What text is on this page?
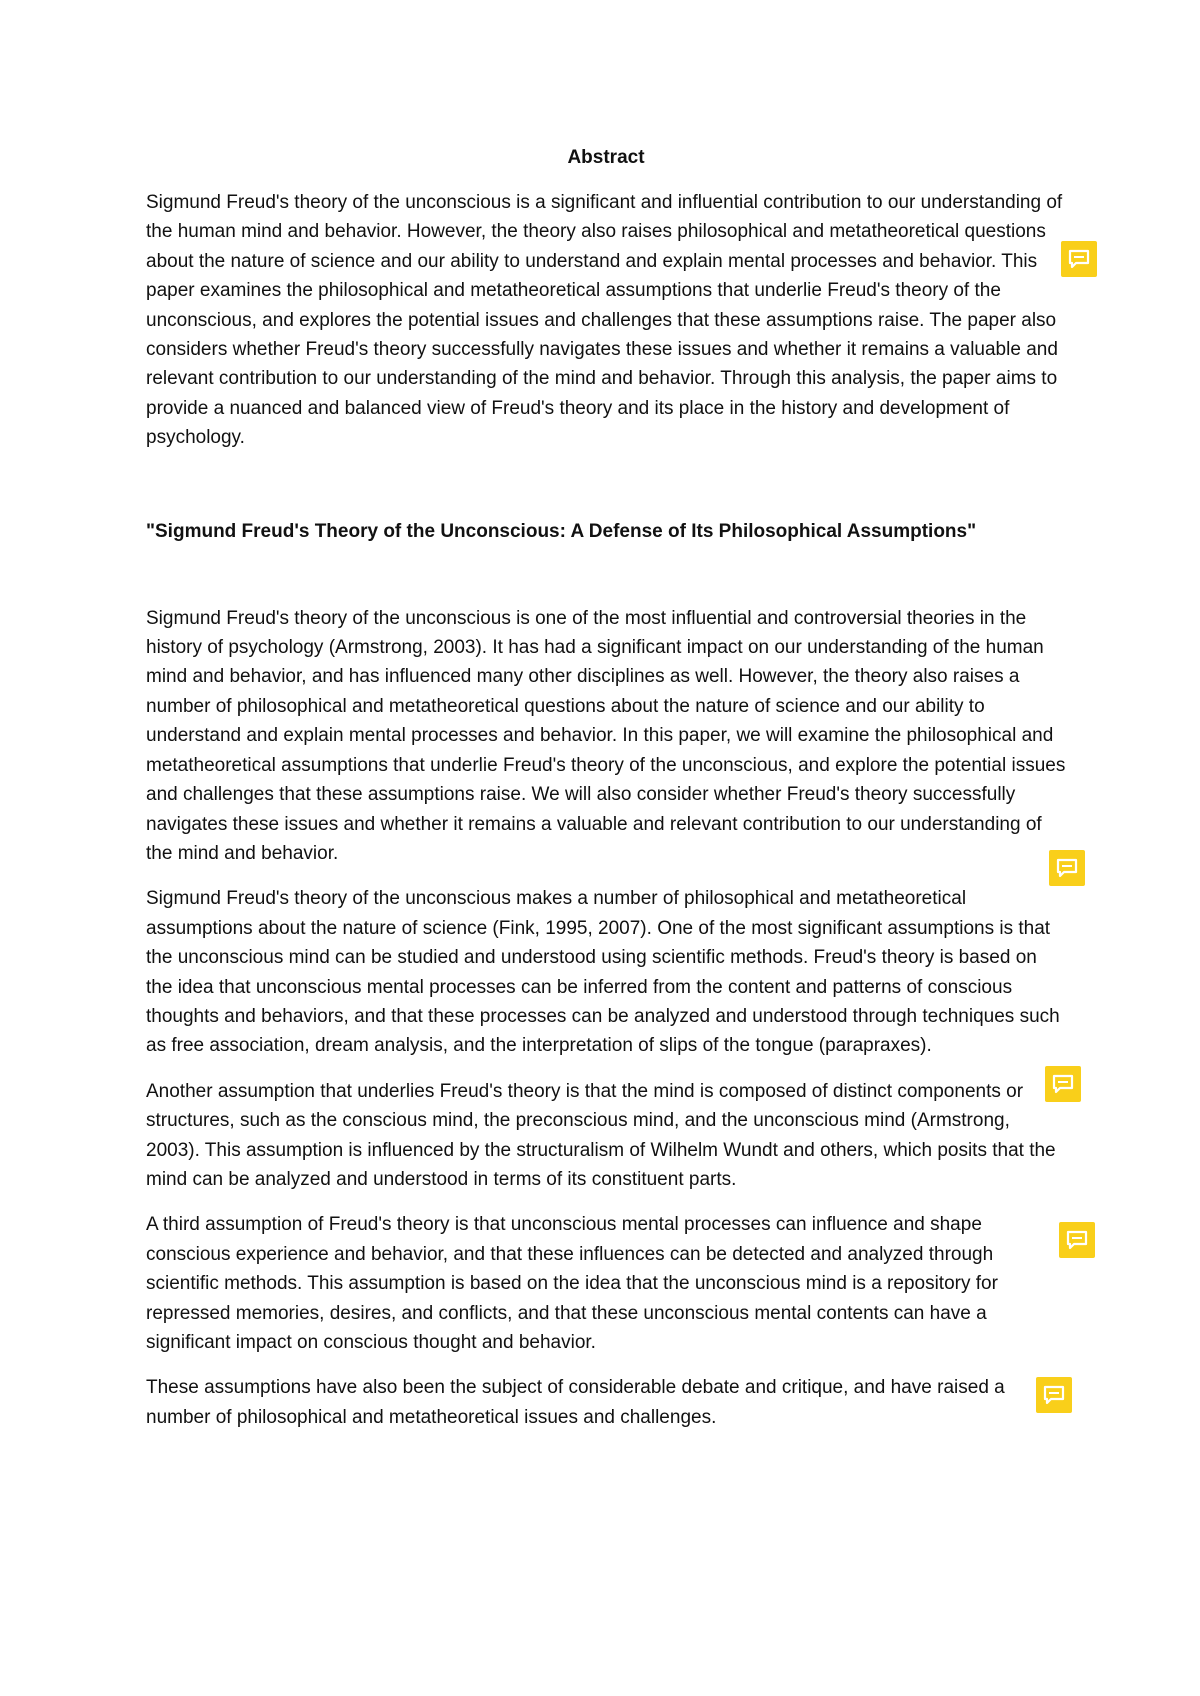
Abstract

Sigmund Freud's theory of the unconscious is a significant and influential contribution to our understanding of the human mind and behavior. However, the theory also raises philosophical and metatheoretical questions about the nature of science and our ability to understand and explain mental processes and behavior. This paper examines the philosophical and metatheoretical assumptions that underlie Freud's theory of the unconscious, and explores the potential issues and challenges that these assumptions raise. The paper also considers whether Freud's theory successfully navigates these issues and whether it remains a valuable and relevant contribution to our understanding of the mind and behavior. Through this analysis, the paper aims to provide a nuanced and balanced view of Freud's theory and its place in the history and development of psychology.

"Sigmund Freud's Theory of the Unconscious: A Defense of Its Philosophical Assumptions"

Sigmund Freud's theory of the unconscious is one of the most influential and controversial theories in the history of psychology (Armstrong, 2003). It has had a significant impact on our understanding of the human mind and behavior, and has influenced many other disciplines as well. However, the theory also raises a number of philosophical and metatheoretical questions about the nature of science and our ability to understand and explain mental processes and behavior. In this paper, we will examine the philosophical and metatheoretical assumptions that underlie Freud's theory of the unconscious, and explore the potential issues and challenges that these assumptions raise. We will also consider whether Freud's theory successfully navigates these issues and whether it remains a valuable and relevant contribution to our understanding of the mind and behavior.

Sigmund Freud's theory of the unconscious makes a number of philosophical and metatheoretical assumptions about the nature of science (Fink, 1995, 2007). One of the most significant assumptions is that the unconscious mind can be studied and understood using scientific methods. Freud's theory is based on the idea that unconscious mental processes can be inferred from the content and patterns of conscious thoughts and behaviors, and that these processes can be analyzed and understood through techniques such as free association, dream analysis, and the interpretation of slips of the tongue (parapraxes).

Another assumption that underlies Freud's theory is that the mind is composed of distinct components or structures, such as the conscious mind, the preconscious mind, and the unconscious mind (Armstrong, 2003). This assumption is influenced by the structuralism of Wilhelm Wundt and others, which posits that the mind can be analyzed and understood in terms of its constituent parts.

A third assumption of Freud's theory is that unconscious mental processes can influence and shape conscious experience and behavior, and that these influences can be detected and analyzed through scientific methods. This assumption is based on the idea that the unconscious mind is a repository for repressed memories, desires, and conflicts, and that these unconscious mental contents can have a significant impact on conscious thought and behavior.

These assumptions have also been the subject of considerable debate and critique, and have raised a number of philosophical and metatheoretical issues and challenges.
